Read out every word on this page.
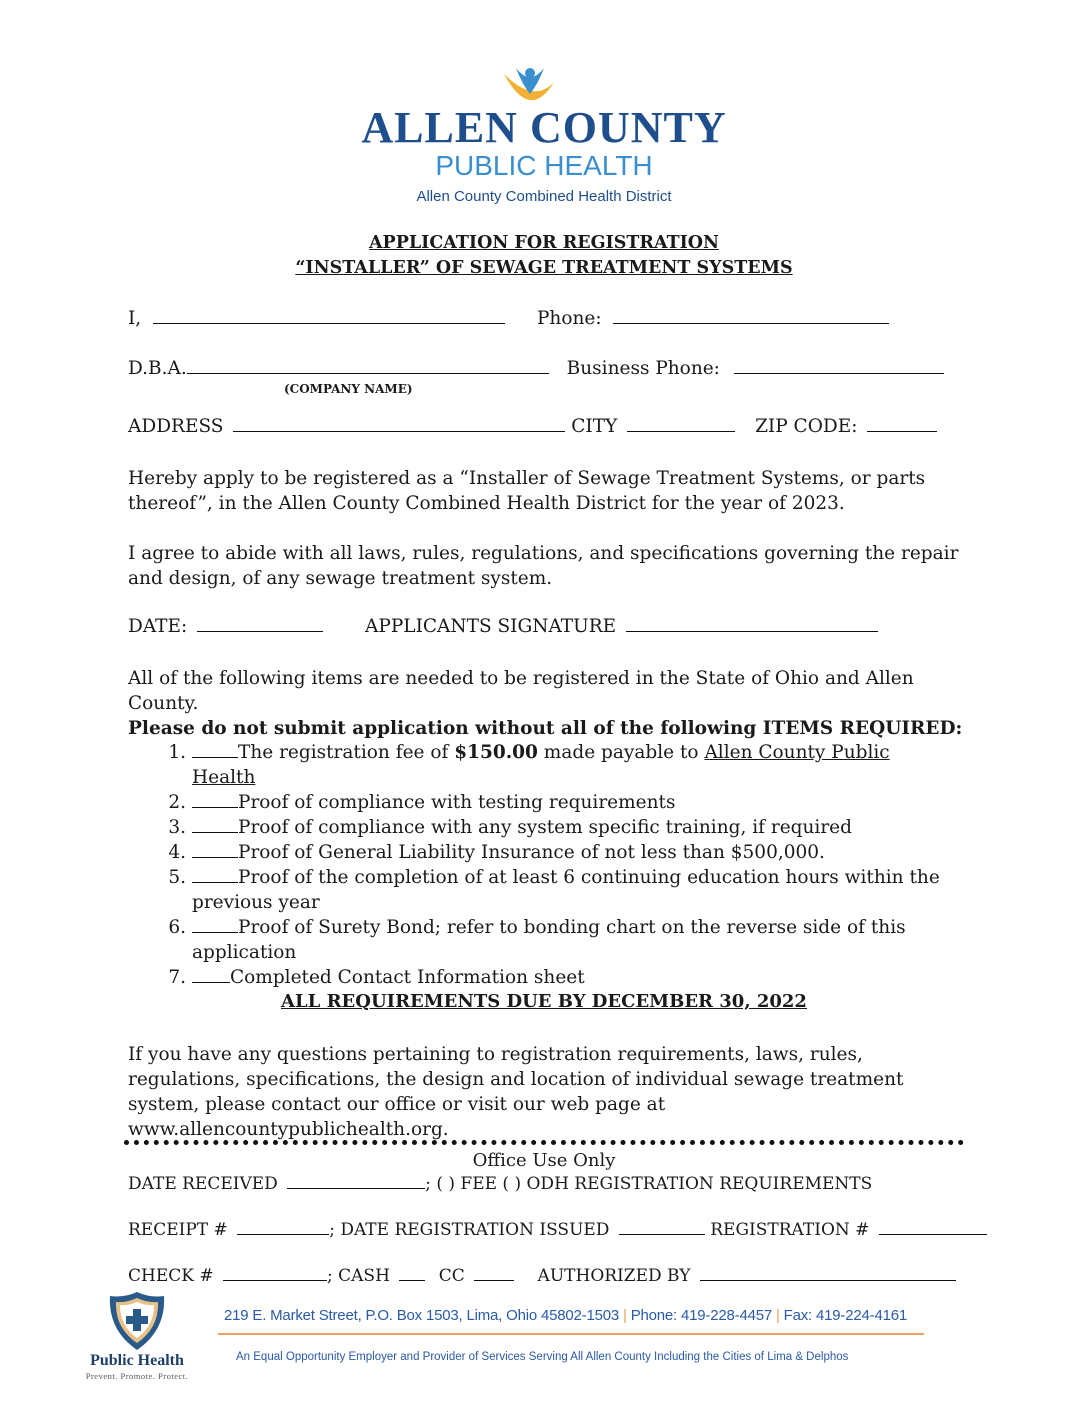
ALLEN COUNTY
PUBLIC HEALTH
Allen County Combined Health District
APPLICATION FOR REGISTRATION
“INSTALLER” OF SEWAGE TREATMENT SYSTEMS
I,	Phone:
D.B.A.	Business Phone:
(COMPANY NAME)
ADDRESS	CITY	ZIP CODE:
Hereby apply to be registered as a “Installer of Sewage Treatment Systems, or parts thereof”, in the Allen County Combined Health District for the year of 2023.
I agree to abide with all laws, rules, regulations, and specifications governing the repair and design, of any sewage treatment system.
DATE:	APPLICANTS SIGNATURE
All of the following items are needed to be registered in the State of Ohio and Allen County.
Please do not submit application without all of the following ITEMS REQUIRED:
1.	The registration fee of $150.00 made payable to Allen County Public Health
2.	Proof of compliance with testing requirements
3.	Proof of compliance with any system specific training, if required
4.	Proof of General Liability Insurance of not less than $500,000.
5.	Proof of the completion of at least 6 continuing education hours within the
previous year
6.	Proof of Surety Bond; refer to bonding chart on the reverse side of this
application
7. Completed Contact Information sheet
ALL REQUIREMENTS DUE BY DECEMBER 30, 2022
If you have any questions pertaining to registration requirements, laws, rules, regulations, specifications, the design and location of individual sewage treatment system, please contact our office or visit our web page at www.allencountypublichealth.org.
Office Use Only
DATE RECEIVED	; ( ) FEE ( ) ODH REGISTRATION REQUIREMENTS
RECEIPT #	; DATE REGISTRATION ISSUED	REGISTRATION #
CHECK #	; CASH	CC	AUTHORIZED BY
Public Health
Prevent. Promote. Protect.
219 E. Market Street, P.O. Box 1503, Lima, Ohio 45802-1503 | Phone: 419-228-4457 | Fax: 419-224-4161
An Equal Opportunity Employer and Provider of Services Serving All Allen County Including the Cities of Lima & Delphos
